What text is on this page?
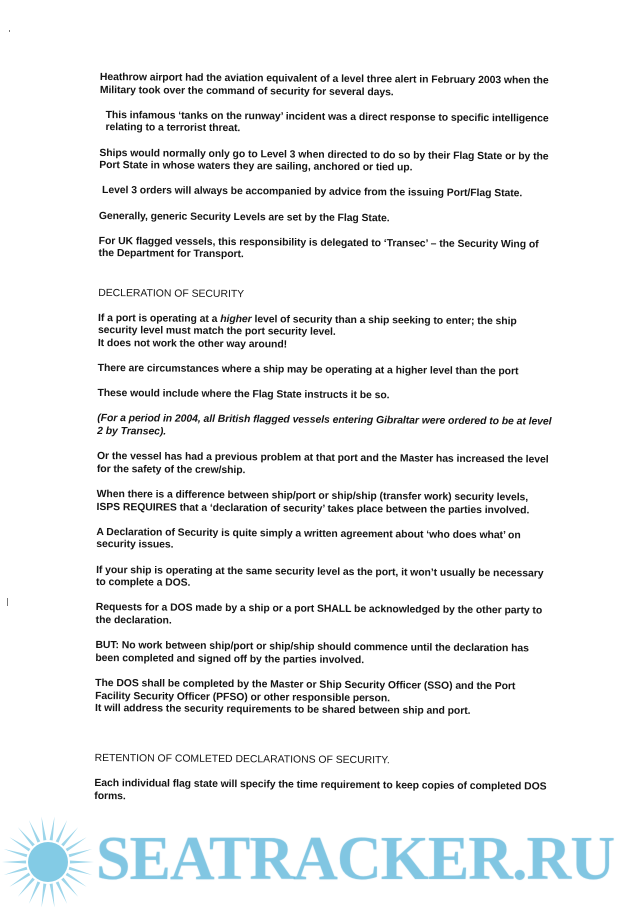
Heathrow airport had the aviation equivalent of a level three alert in February 2003 when the Military took over the command of security for several days.

This infamous ‘tanks on the runway’ incident was a direct response to specific intelligence relating to a terrorist threat.

Ships would normally only go to Level 3 when directed to do so by their Flag State or by the Port State in whose waters they are sailing, anchored or tied up.

Level 3 orders will always be accompanied by advice from the issuing Port/Flag State.

Generally, generic Security Levels are set by the Flag State.

For UK flagged vessels, this responsibility is delegated to ‘Transec’ – the Security Wing of the Department for Transport.

DECLERATION OF SECURITY

If a port is operating at a higher level of security than a ship seeking to enter; the ship security level must match the port security level.
It does not work the other way around!

There are circumstances where a ship may be operating at a higher level than the port

These would include where the Flag State instructs it be so.

(For a period in 2004, all British flagged vessels entering Gibraltar were ordered to be at level 2 by Transec).

Or the vessel has had a previous problem at that port and the Master has increased the level for the safety of the crew/ship.

When there is a difference between ship/port or ship/ship (transfer work) security levels, ISPS REQUIRES that a ‘declaration of security’ takes place between the parties involved.

A Declaration of Security is quite simply a written agreement about ‘who does what’ on security issues.

If your ship is operating at the same security level as the port, it won’t usually be necessary to complete a DOS.

Requests for a DOS made by a ship or a port SHALL be acknowledged by the other party to the declaration.

BUT: No work between ship/port or ship/ship should commence until the declaration has been completed and signed off by the parties involved.

The DOS shall be completed by the Master or Ship Security Officer (SSO) and the Port Facility Security Officer (PFSO) or other responsible person.
It will address the security requirements to be shared between ship and port.

RETENTION OF COMLETED DECLARATIONS OF SECURITY.

Each individual flag state will specify the time requirement to keep copies of completed DOS forms.

SEATRACKER.RU
